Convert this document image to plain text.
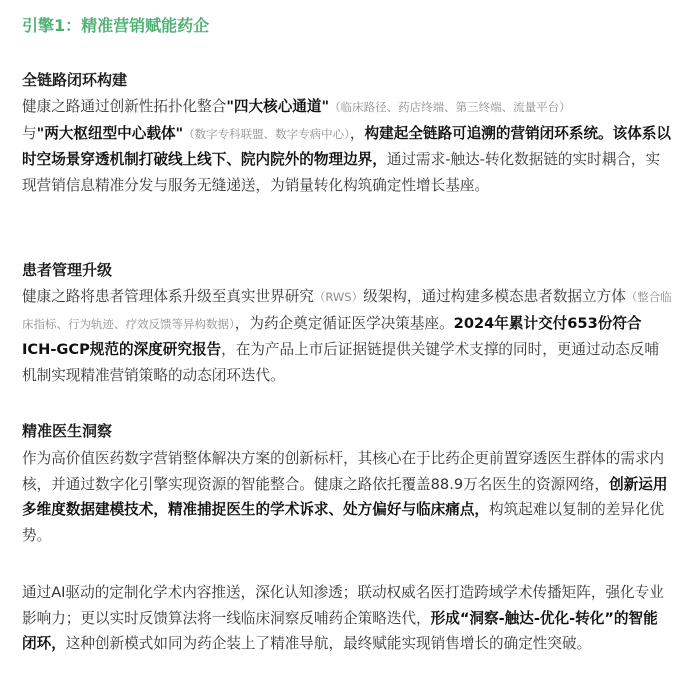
引擎1：精准营销赋能药企
全链路闭环构建
健康之路通过创新性拓扑化整合"四大核心通道"（临床路径、药店终端、第三终端、流量平台）
与"两大枢纽型中心载体"（数字专科联盟、数字专病中心），构建起全链路可追溯的营销闭环系统。该体系以时空场景穿透机制打破线上线下、院内院外的物理边界，通过需求-触达-转化数据链的实时耦合，实现营销信息精准分发与服务无缝递送，为销量转化构筑确定性增长基座。
患者管理升级
健康之路将患者管理体系升级至真实世界研究（RWS）级架构，通过构建多模态患者数据立方体（整合临床指标、行为轨迹、疗效反馈等异构数据），为药企奠定循证医学决策基座。2024年累计交付653份符合ICH-GCP规范的深度研究报告，在为产品上市后证据链提供关键学术支撑的同时，更通过动态反哺机制实现精准营销策略的动态闭环迭代。
精准医生洞察
作为高价值医药数字营销整体解决方案的创新标杆，其核心在于比药企更前置穿透医生群体的需求内核，并通过数字化引擎实现资源的智能整合。健康之路依托覆盖88.9万名医生的资源网络，创新运用多维度数据建模技术，精准捕捉医生的学术诉求、处方偏好与临床痛点，构筑起难以复制的差异化优势。
通过AI驱动的定制化学术内容推送，深化认知渗透；联动权威名医打造跨域学术传播矩阵，强化专业影响力；更以实时反馈算法将一线临床洞察反哺药企策略迭代，形成“洞察-触达-优化-转化”的智能闭环，这种创新模式如同为药企装上了精准导航，最终赋能实现销售增长的确定性突破。
